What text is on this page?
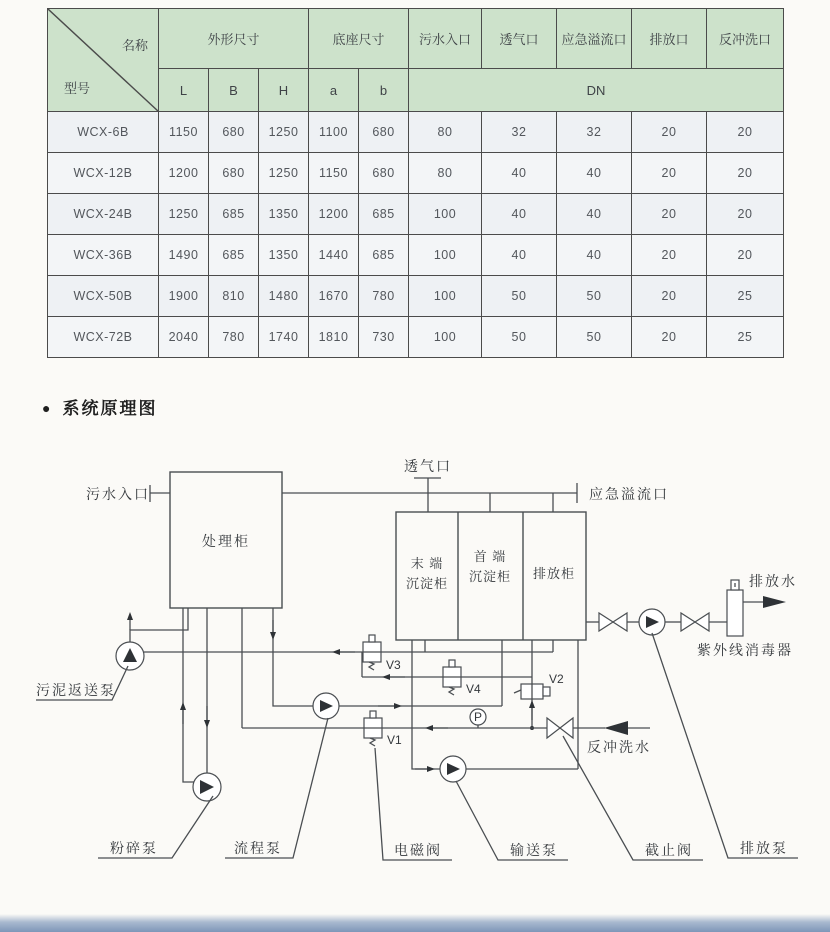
名称
型号	外形尺寸			底座尺寸		污水入口	透气口	应急溢流口	排放口	反冲洗口
	L	B	H	a	b	DN				
WCX-6B	1150	680	1250	1100	680	80	32	32	20	20
WCX-12B	1200	680	1250	1150	680	80	40	40	20	20
WCX-24B	1250	685	1350	1200	685	100	40	40	20	20
WCX-36B	1490	685	1350	1440	685	100	40	40	20	20
WCX-50B	1900	810	1480	1670	780	100	50	50	20	25
WCX-72B	2040	780	1740	1810	730	100	50	50	20	25
● 系统原理图
处理柜
末 端
沉淀柜
首 端
沉淀柜 排放柜
污水入口	应急溢流口
透气口
排放水
紫外线消毒器
V3
V4
V2
V1
P
反冲洗水
污泥返送泵
粉碎泵	流程泵	电磁阀	输送泵	截止阀	排放泵
